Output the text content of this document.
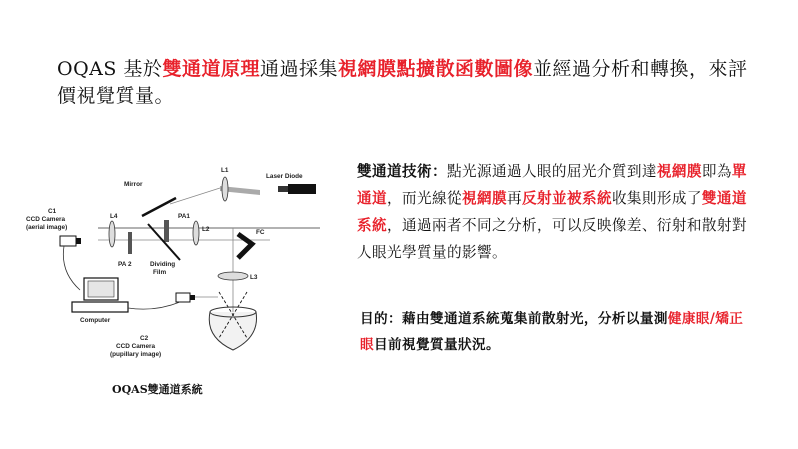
OQAS 基於雙通道原理通過採集視網膜點擴散函數圖像並經過分析和轉換，來評價視覺質量。
雙通道技術：點光源通過人眼的屈光介質到達視網膜即為單通道，而光線從視網膜再反射並被系統收集則形成了雙通道系統，通過兩者不同之分析，可以反映像差、衍射和散射對人眼光學質量的影響。
目的：藉由雙通道系統蒐集前散射光，分析以量測健康眼/矯正眼目前視覺質量狀況。
L1
Laser Diode
Mirror
C1
CCD Camera
(aerial image)
L4	PA1
L2	FC
PA 2	Dividing
Film
L3
Computer
C2
CCD Camera
(pupillary image)
OQAS雙通道系統
